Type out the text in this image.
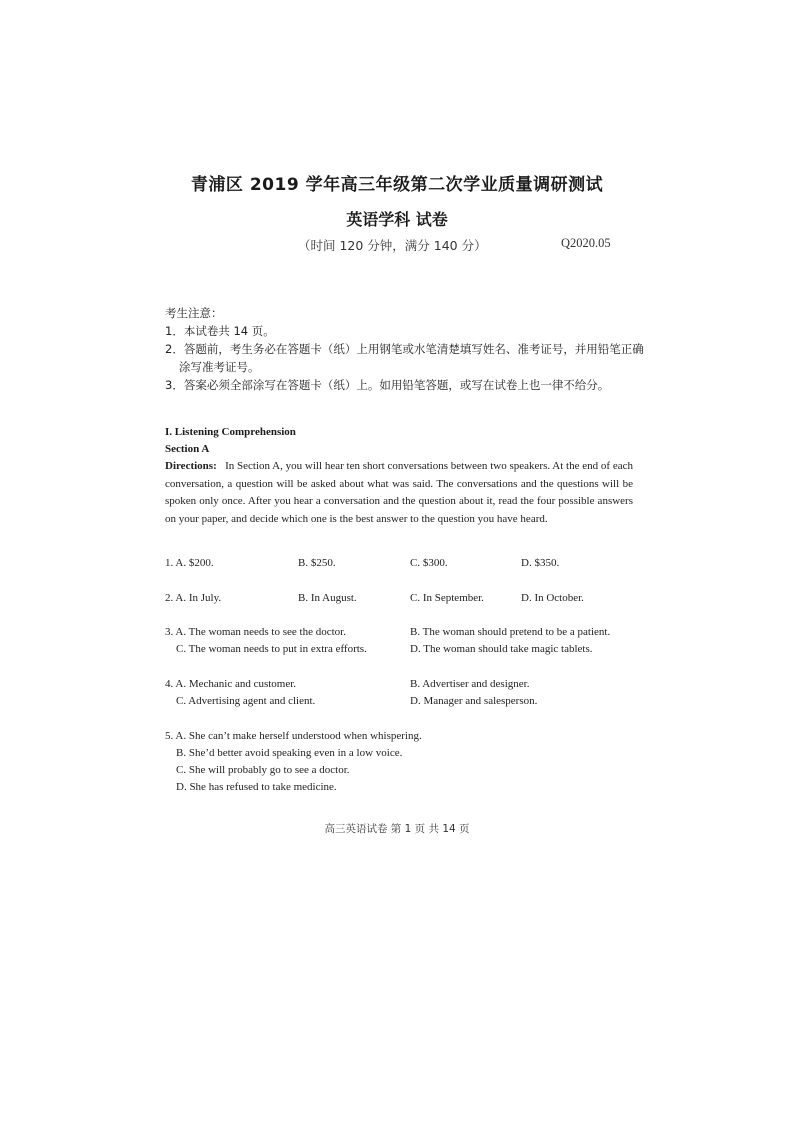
青浦区 2019 学年高三年级第二次学业质量调研测试
英语学科 试卷
（时间 120 分钟，满分 140 分）	Q2020.05
考生注意：
1．本试卷共 14 页。
2．答题前，考生务必在答题卡（纸）上用钢笔或水笔清楚填写姓名、准考证号，并用铅笔正确
涂写准考证号。
3．答案必须全部涂写在答题卡（纸）上。如用铅笔答题，或写在试卷上也一律不给分。
I. Listening Comprehension
Section A
Directions: In Section A, you will hear ten short conversations between two speakers. At the end of each conversation, a question will be asked about what was said. The conversations and the questions will be spoken only once. After you hear a conversation and the question about it, read the four possible answers on your paper, and decide which one is the best answer to the question you have heard.
1. A. $200.	B. $250.	C. $300.	D. $350.
2. A. In July.	B. In August.	C. In September.	D. In October.
3. A. The woman needs to see the doctor.	B. The woman should pretend to be a patient.
C. The woman needs to put in extra efforts.	D. The woman should take magic tablets.
4. A. Mechanic and customer.	B. Advertiser and designer.
C. Advertising agent and client.	D. Manager and salesperson.
5. A. She can’t make herself understood when whispering.
B. She’d better avoid speaking even in a low voice.
C. She will probably go to see a doctor.
D. She has refused to take medicine.
高三英语试卷 第 1 页 共 14 页
